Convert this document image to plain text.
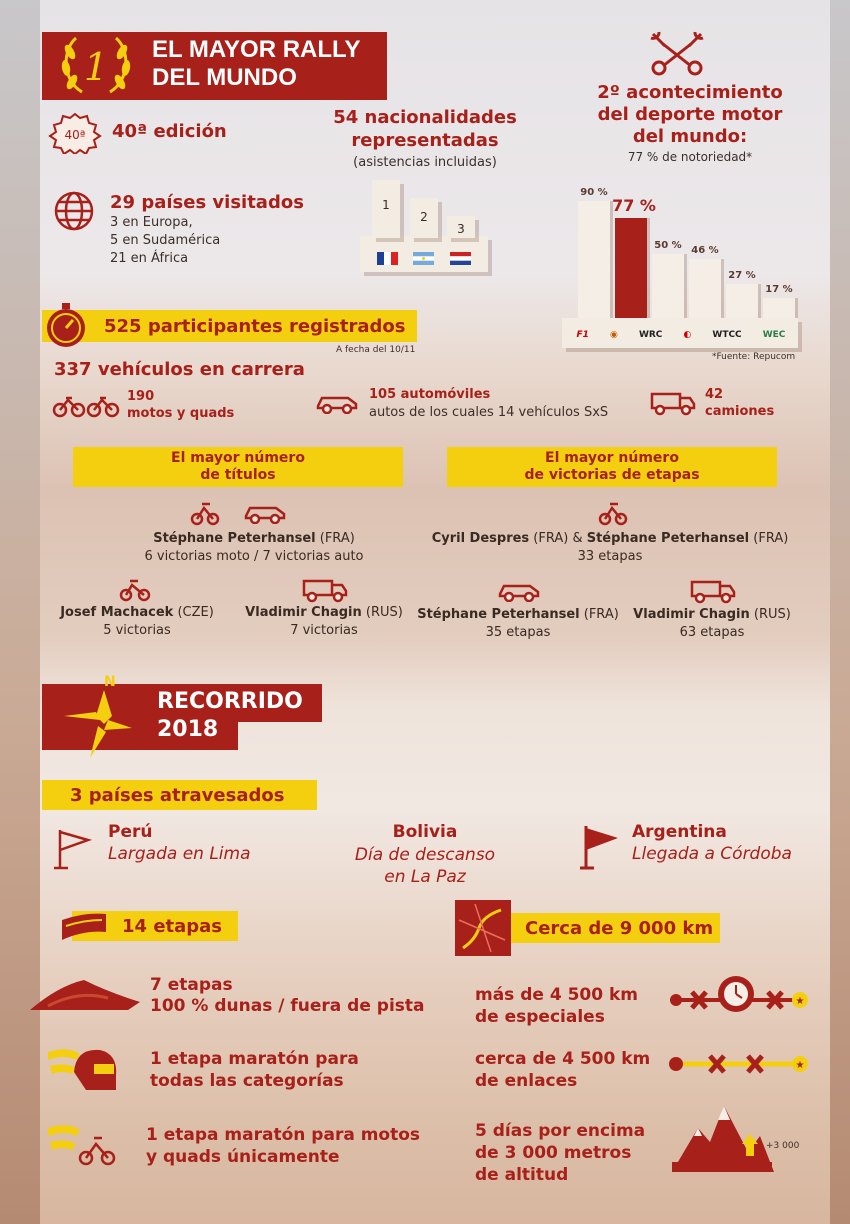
1 EL MAYOR RALLY
DEL MUNDO
40ª 40ª edición
29 países visitados
3 en Europa,
5 en Sudamérica
21 en África
54 nacionalidades
representadas
(asistencias incluidas)
1
2
3
2º acontecimiento
del deporte motor
del mundo:
77 % de notoriedad*
90 %
77 %
50 % 46 %
27 %
17 %
F1 ◉ WRC ◐ WTCC WEC
*Fuente: Repucom
525 participantes registrados
A fecha del 10/11
337 vehículos en carrera
190
motos y quads
105 automóviles
autos de los cuales 14 vehículos SxS
42
camiones
El mayor número
de títulos
Stéphane Peterhansel (FRA)
6 victorias moto / 7 victorias auto
Josef Machacek (CZE)
5 victorias
Vladimir Chagin (RUS)
7 victorias
El mayor número
de victorias de etapas
Cyril Despres (FRA) & Stéphane Peterhansel (FRA)
33 etapas
Stéphane Peterhansel (FRA)
35 etapas
Vladimir Chagin (RUS)
63 etapas
N
RECORRIDO
2018
3 países atravesados
Perú
Largada en Lima
Bolivia
Día de descanso
en La Paz
Argentina
Llegada a Córdoba
14 etapas	Cerca de 9 000 km
7 etapas
100 % dunas / fuera de pista
1 etapa maratón para
todas las categorías
1 etapa maratón para motos
y quads únicamente
más de 4 500 km
de especiales
★
cerca de 4 500 km
de enlaces
★
5 días por encima
de 3 000 metros
de altitud
+3 000
